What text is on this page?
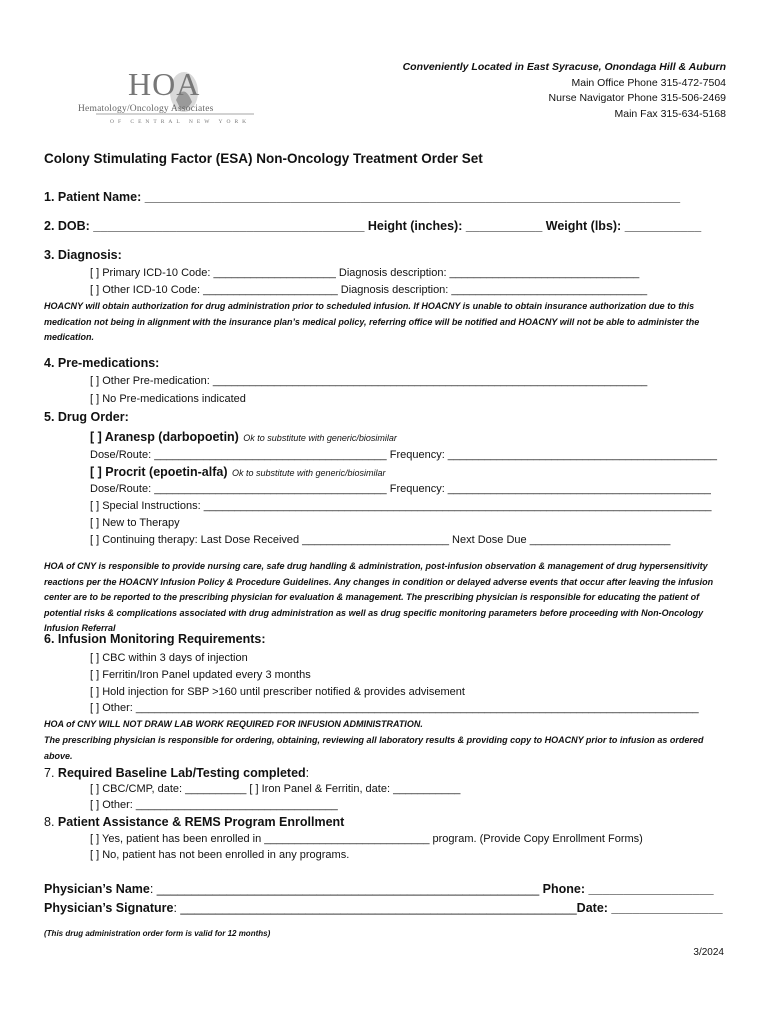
HOA
Hematology/Oncology Associates
OF CENTRAL NEW YORK
Conveniently Located in East Syracuse, Onondaga Hill & Auburn
Main Office Phone 315-472-7504
Nurse Navigator Phone 315-506-2469
Main Fax 315-634-5168
Colony Stimulating Factor (ESA) Non-Oncology Treatment Order Set
1. Patient Name: _____________________________________________________________________________
2. DOB: _______________________________________ Height (inches): ___________ Weight (lbs): ___________
3. Diagnosis:
[ ] Primary ICD-10 Code: ____________________ Diagnosis description: _______________________________
[ ] Other ICD-10 Code: ______________________ Diagnosis description: ________________________________
HOACNY will obtain authorization for drug administration prior to scheduled infusion. If HOACNY is unable to obtain insurance authorization due to this medication not being in alignment with the insurance plan’s medical policy, referring office will be notified and HOACNY will not be able to administer the medication.
4. Pre-medications:
[ ] Other Pre-medication: _______________________________________________________________________
[ ] No Pre-medications indicated
5. Drug Order:
[ ] Aranesp (darbopoetin) Ok to substitute with generic/biosimilar
Dose/Route: ______________________________________ Frequency: ____________________________________________
[ ] Procrit (epoetin-alfa) Ok to substitute with generic/biosimilar
Dose/Route: ______________________________________ Frequency: ___________________________________________
[ ] Special Instructions: ___________________________________________________________________________________
[ ] New to Therapy
[ ] Continuing therapy: Last Dose Received ________________________ Next Dose Due _______________________
HOA of CNY is responsible to provide nursing care, safe drug handling & administration, post-infusion observation & management of drug hypersensitivity reactions per the HOACNY Infusion Policy & Procedure Guidelines. Any changes in condition or delayed adverse events that occur after leaving the infusion center are to be reported to the prescribing physician for evaluation & management. The prescribing physician is responsible for educating the patient of potential risks & complications associated with drug administration as well as drug specific monitoring parameters before proceeding with Non-Oncology Infusion Referral
6. Infusion Monitoring Requirements:
[ ] CBC within 3 days of injection
[ ] Ferritin/Iron Panel updated every 3 months
[ ] Hold injection for SBP >160 until prescriber notified & provides advisement
[ ] Other: ____________________________________________________________________________________________
HOA of CNY WILL NOT DRAW LAB WORK REQUIRED FOR INFUSION ADMINISTRATION.
The prescribing physician is responsible for ordering, obtaining, reviewing all laboratory results & providing copy to HOACNY prior to infusion as ordered above.
7. Required Baseline Lab/Testing completed:
[ ] CBC/CMP, date: __________ [ ] Iron Panel & Ferritin, date: ___________
[ ] Other: _________________________________
8. Patient Assistance & REMS Program Enrollment
[ ] Yes, patient has been enrolled in ___________________________ program. (Provide Copy Enrollment Forms)
[ ] No, patient has not been enrolled in any programs.
Physician’s Name: _______________________________________________________ Phone: __________________
Physician’s Signature: _________________________________________________________Date: ________________
(This drug administration order form is valid for 12 months)
3/2024
